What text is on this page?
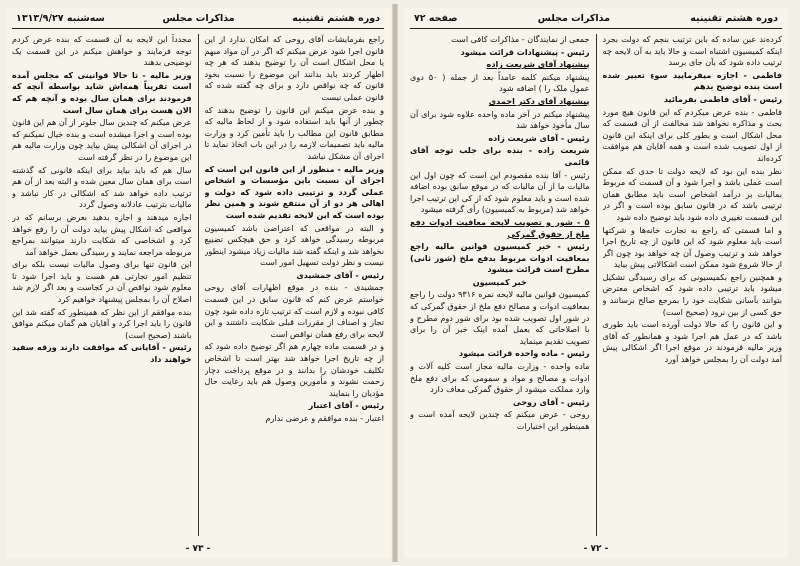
دوره هشتم تقنینیه
مذاکرات مجلس
سه‌شنبه ۱۳۱۳/۹/۲۷

راجع بفرمایشات آقای روحی که امکان ندارد از این قانون اجرا شود عرض میکنم که اگر در آن مواد مبهم یا محل اشکال است آن را توضیح بدهند که هر چه اظهار کردند باید بدانند این موضوع را نسبت بخود قانون که چه نواقص دارد و برای چه گفته شده که قانون عملی نیست

و بنده عرض میکنم این قانون را توضیح بدهند که چطور از آنها باید استفاده شود و از لحاظ مالیه که مطابق قانون این مطالب را باید تأمین کرد و وزارت مالیه باید تصمیمات لازمه را در این باب اتخاذ نماید تا اجرای آن مشکل نباشد

وزیر مالیه - منظور از این قانون این است که اجرای آن نسبت باین مؤسسات و اشخاص عملی گردد و ترتیبی داده شود که دولت و اهالی هر دو از آن منتفع شوند و همین نظر بوده است که این لایحه تقدیم شده است

و البته در مواقعی که اعتراضی باشد کمیسیون مربوطه رسیدگی خواهد کرد و حق هیچکس تضییع نخواهد شد و اینکه گفته شد مالیات زیاد میشود اینطور نیست و نظر دولت تسهیل امور است

رئیس - آقای جمشیدی

جمشیدی - بنده در موقع اظهارات آقای روحی خواستم عرض کنم که قانون سابق در این قسمت کافی نبوده و لازم است که ترتیب تازه داده شود چون تجار و اصناف از مقررات قبلی شکایت داشتند و این لایحه برای رفع همان نواقص است

و در قسمت ماده چهارم هم اگر توضیح داده شود که از چه تاریخ اجرا خواهد شد بهتر است تا اشخاص تکلیف خودشان را بدانند و در موقع پرداخت دچار زحمت نشوند و مأمورین وصول هم باید رعایت حال مؤدیان را بنمایند

رئیس - آقای اعتبار

اعتبار - بنده موافقم و عرضی ندارم

مجدداً این لایحه به آن قسمت که بنده عرض کردم توجه فرمایند و خواهش میکنم در این قسمت یک توضیحی بدهند

وزیر مالیه - تا حالا قوانینی که مجلس آمده است تقریباً همه‌اش شاید بواسطه آنچه که فرمودند برای همان سال بوده و آنچه هم که الان هست برای همان سال است

عرض میکنم که چندین سال جلوتر از آن هم این قانون بوده است و اجرا میشده است و بنده خیال نمیکنم که در اجرای آن اشکالی پیش بیاید چون وزارت مالیه هم این موضوع را در نظر گرفته است

سال هم که باید بیاید برای اینکه قانونی که گذشته است برای همان سال معین شده و البته بعد از آن هم ترتیب داده خواهد شد که اشکالی در کار نباشد و مالیات بترتیب عادلانه وصول گردد

اجازه میدهند و اجازه بدهید بعرض برسانم که در مواقعی که اشکال پیش بیاید دولت آن را رفع خواهد کرد و اشخاصی که شکایت دارند میتوانند بمراجع مربوطه مراجعه نمایند و رسیدگی بعمل خواهد آمد

این قانون تنها برای وصول مالیات نیست بلکه برای تنظیم امور تجارتی هم هست و باید اجرا شود تا معلوم شود نواقص آن در کجاست و بعد اگر لازم شد اصلاح آن را بمجلس پیشنهاد خواهیم کرد

بنده موافقم از این نظر که همینطور که گفته شد این قانون را باید اجرا کرد و آقایان هم گمان میکنم موافق باشند (صحیح است)

رئیس - آقایانی که موافقت دارند ورقه سفید خواهند داد

- ۷۳ -
دوره هشتم تقنینیه
مذاکرات مجلس
صفحه ۷۲

کرده‌ند عبن ساده که باین ترتیب بنجم که دولت بجرد اینکه کمیسیون اشتباه است و حالا باید به آن لایحه چه ترتیب داده شود که بآن جای برسد

فاطمی - اجازه میفرمایید سوءِ تعبیر شده است بنده توضیح بدهم

رئیس - آقای فاطمی بفرمائید

فاطمی - بنده عرض میکردم که این قانون هیچ مورد بحث و مذاکره نخواهد شد مخالفت از آن قسمت که محل اشکال است و بطور کلی برای اینکه این قانون از اول تصویب شده است و همه آقایان هم موافقت کرده‌اند

نظر بنده این بود که لایحه دولت تا حدی که ممکن است عملی باشد و اجرا شود و آن قسمت که مربوط بمالیات بر درآمد اشخاص است باید مطابق همان ترتیبی باشد که در قانون سابق بوده است و اگر در این قسمت تغییری داده شود باید توضیح داده شود

و اما قسمتی که راجع به تجارت خانه‌ها و شرکتها است باید معلوم شود که این قانون از چه تاریخ اجرا خواهد شد و ترتیب وصول آن چه خواهد بود چون اگر از حالا شروع شود ممکن است اشکالاتی پیش بیاید

و همچنین راجع بکمیسیونی که برای رسیدگی تشکیل میشود باید ترتیبی داده شود که اشخاص معترض بتوانند بآسانی شکایت خود را بمرجع صالح برسانند و حق کسی از بین نرود (صحیح است)

و این قانون را که حالا دولت آورده است باید طوری باشد که در عمل هم اجرا شود و همانطور که آقای وزیر مالیه فرمودند در موقع اجرا اگر اشکالی پیش آمد دولت آن را بمجلس خواهد آورد

جمعی از نمایندگان - مذاکرات کافی است

رئیس - پیشنهادات قرائت میشود

پیشنهاد آقای شریعت زاده

پیشنهاد میکنم کلمه عامداً بعد از جمله ( ۵۰ دوی عمول ملک را ) اضافه شود

پیشنهاد آقای دکتر احمدی

پیشنهاد میکنم در آخر ماده واحده علاوه شود برای آن سال مأخوذ خواهد شد

رئیس - آقای شریعت زاده

شریعت زاده - بنده برای جلب توجه آقای قائمی

رئیس - آقا بنده مقصودم این است که چون اول این مالیات ما از آن مالیات که در موقع سابق بوده اضافه شده است و باید معلوم شود که از کی این ترتیب اجرا خواهد شد (مربوط به کمیسیون) رأی گرفته میشود

۵ - شور و تصویب لایحه معافیت ادوات دفع ملخ از حقوق گمرکی

رئیس - خبر کمیسیون قوانین مالیه راجع بمعافیت ادوات مربوط بدفع ملخ (شور ثانی) مطرح است قرائت میشود

خبر کمیسیون

کمیسیون قوانین مالیه لایحه نمره ۹۳۱۶ دولت را راجع بمعافیت ادوات و مصالح دفع ملخ از حقوق گمرکی که در شور اول تصویب شده بود برای شور دوم مطرح و با اصلاحاتی که بعمل آمده اینک خبر آن را برای تصویب تقدیم مینماید

رئیس - ماده واحده قرائت میشود

ماده واحده - وزارت مالیه مجاز است کلیه آلات و ادوات و مصالح و مواد و سمومی که برای دفع ملخ وارد مملکت میشود از حقوق گمرکی معاف دارد

رئیس - آقای روحی

روحی - عرض میکنم که چندین لایحه آمده است و همینطور این اختیارات

- ۷۲ -
